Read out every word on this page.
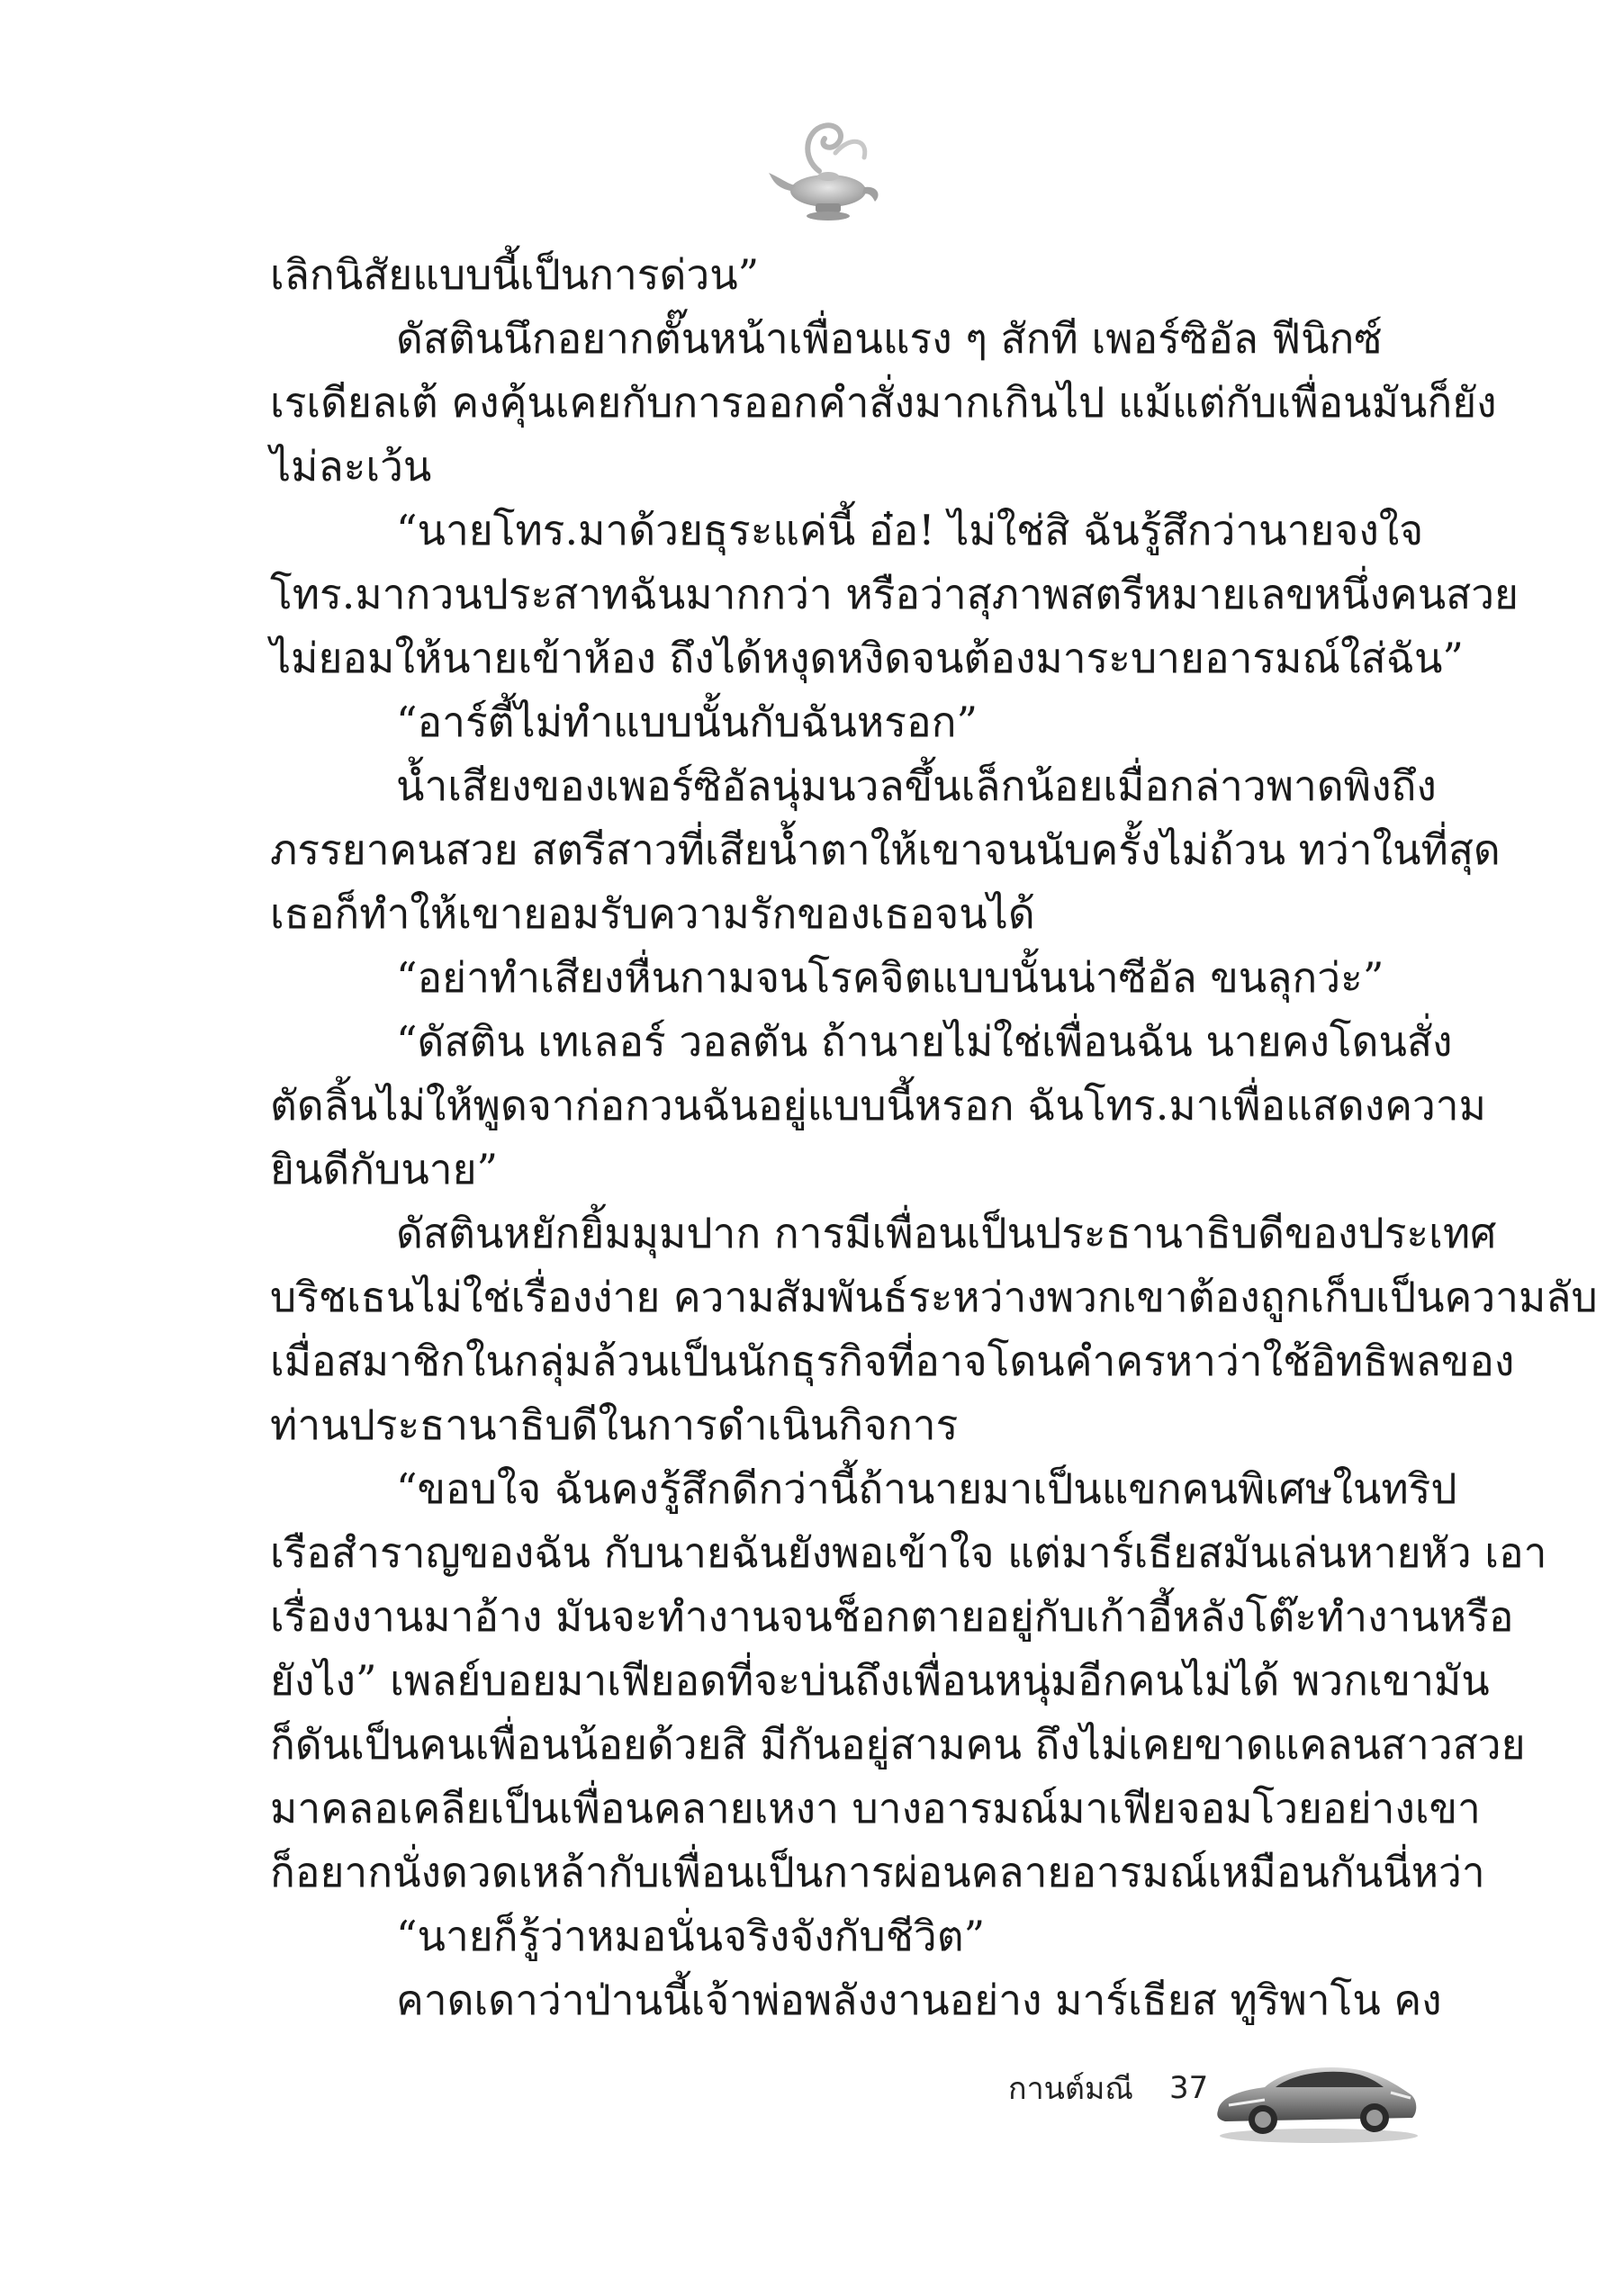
เลิกนิสัยแบบนี้เป็นการด่วน”

ดัสตินนึกอยากตั๊นหน้าเพื่อนแรง ๆ สักที เพอร์ซิอัล ฟีนิกซ์

เรเดียลเต้ คงคุ้นเคยกับการออกคำสั่งมากเกินไป แม้แต่กับเพื่อนมันก็ยัง

ไม่ละเว้น

“นายโทร.มาด้วยธุระแค่นี้ อ๋อ! ไม่ใช่สิ ฉันรู้สึกว่านายจงใจ

โทร.มากวนประสาทฉันมากกว่า หรือว่าสุภาพสตรีหมายเลขหนึ่งคนสวย

ไม่ยอมให้นายเข้าห้อง ถึงได้หงุดหงิดจนต้องมาระบายอารมณ์ใส่ฉัน”

“อาร์ตี้ไม่ทำแบบนั้นกับฉันหรอก”

น้ำเสียงของเพอร์ซิอัลนุ่มนวลขึ้นเล็กน้อยเมื่อกล่าวพาดพิงถึง

ภรรยาคนสวย สตรีสาวที่เสียน้ำตาให้เขาจนนับครั้งไม่ถ้วน ทว่าในที่สุด

เธอก็ทำให้เขายอมรับความรักของเธอจนได้

“อย่าทำเสียงหื่นกามจนโรคจิตแบบนั้นน่าซีอัล ขนลุกว่ะ”

“ดัสติน เทเลอร์ วอลตัน ถ้านายไม่ใช่เพื่อนฉัน นายคงโดนสั่ง

ตัดลิ้นไม่ให้พูดจาก่อกวนฉันอยู่แบบนี้หรอก ฉันโทร.มาเพื่อแสดงความ

ยินดีกับนาย”

ดัสตินหยักยิ้มมุมปาก การมีเพื่อนเป็นประธานาธิบดีของประเทศ

บริชเธนไม่ใช่เรื่องง่าย ความสัมพันธ์ระหว่างพวกเขาต้องถูกเก็บเป็นความลับ

เมื่อสมาชิกในกลุ่มล้วนเป็นนักธุรกิจที่อาจโดนคำครหาว่าใช้อิทธิพลของ

ท่านประธานาธิบดีในการดำเนินกิจการ

“ขอบใจ ฉันคงรู้สึกดีกว่านี้ถ้านายมาเป็นแขกคนพิเศษในทริป

เรือสำราญของฉัน กับนายฉันยังพอเข้าใจ แต่มาร์เธียสมันเล่นหายหัว เอา

เรื่องงานมาอ้าง มันจะทำงานจนช็อกตายอยู่กับเก้าอี้หลังโต๊ะทำงานหรือ

ยังไง” เพลย์บอยมาเฟียอดที่จะบ่นถึงเพื่อนหนุ่มอีกคนไม่ได้ พวกเขามัน

ก็ดันเป็นคนเพื่อนน้อยด้วยสิ มีกันอยู่สามคน ถึงไม่เคยขาดแคลนสาวสวย

มาคลอเคลียเป็นเพื่อนคลายเหงา บางอารมณ์มาเฟียจอมโวยอย่างเขา

ก็อยากนั่งดวดเหล้ากับเพื่อนเป็นการผ่อนคลายอารมณ์เหมือนกันนี่หว่า

“นายก็รู้ว่าหมอนั่นจริงจังกับชีวิต”

คาดเดาว่าป่านนี้เจ้าพ่อพลังงานอย่าง มาร์เธียส ทูริพาโน คง

กานต์มณี 37
